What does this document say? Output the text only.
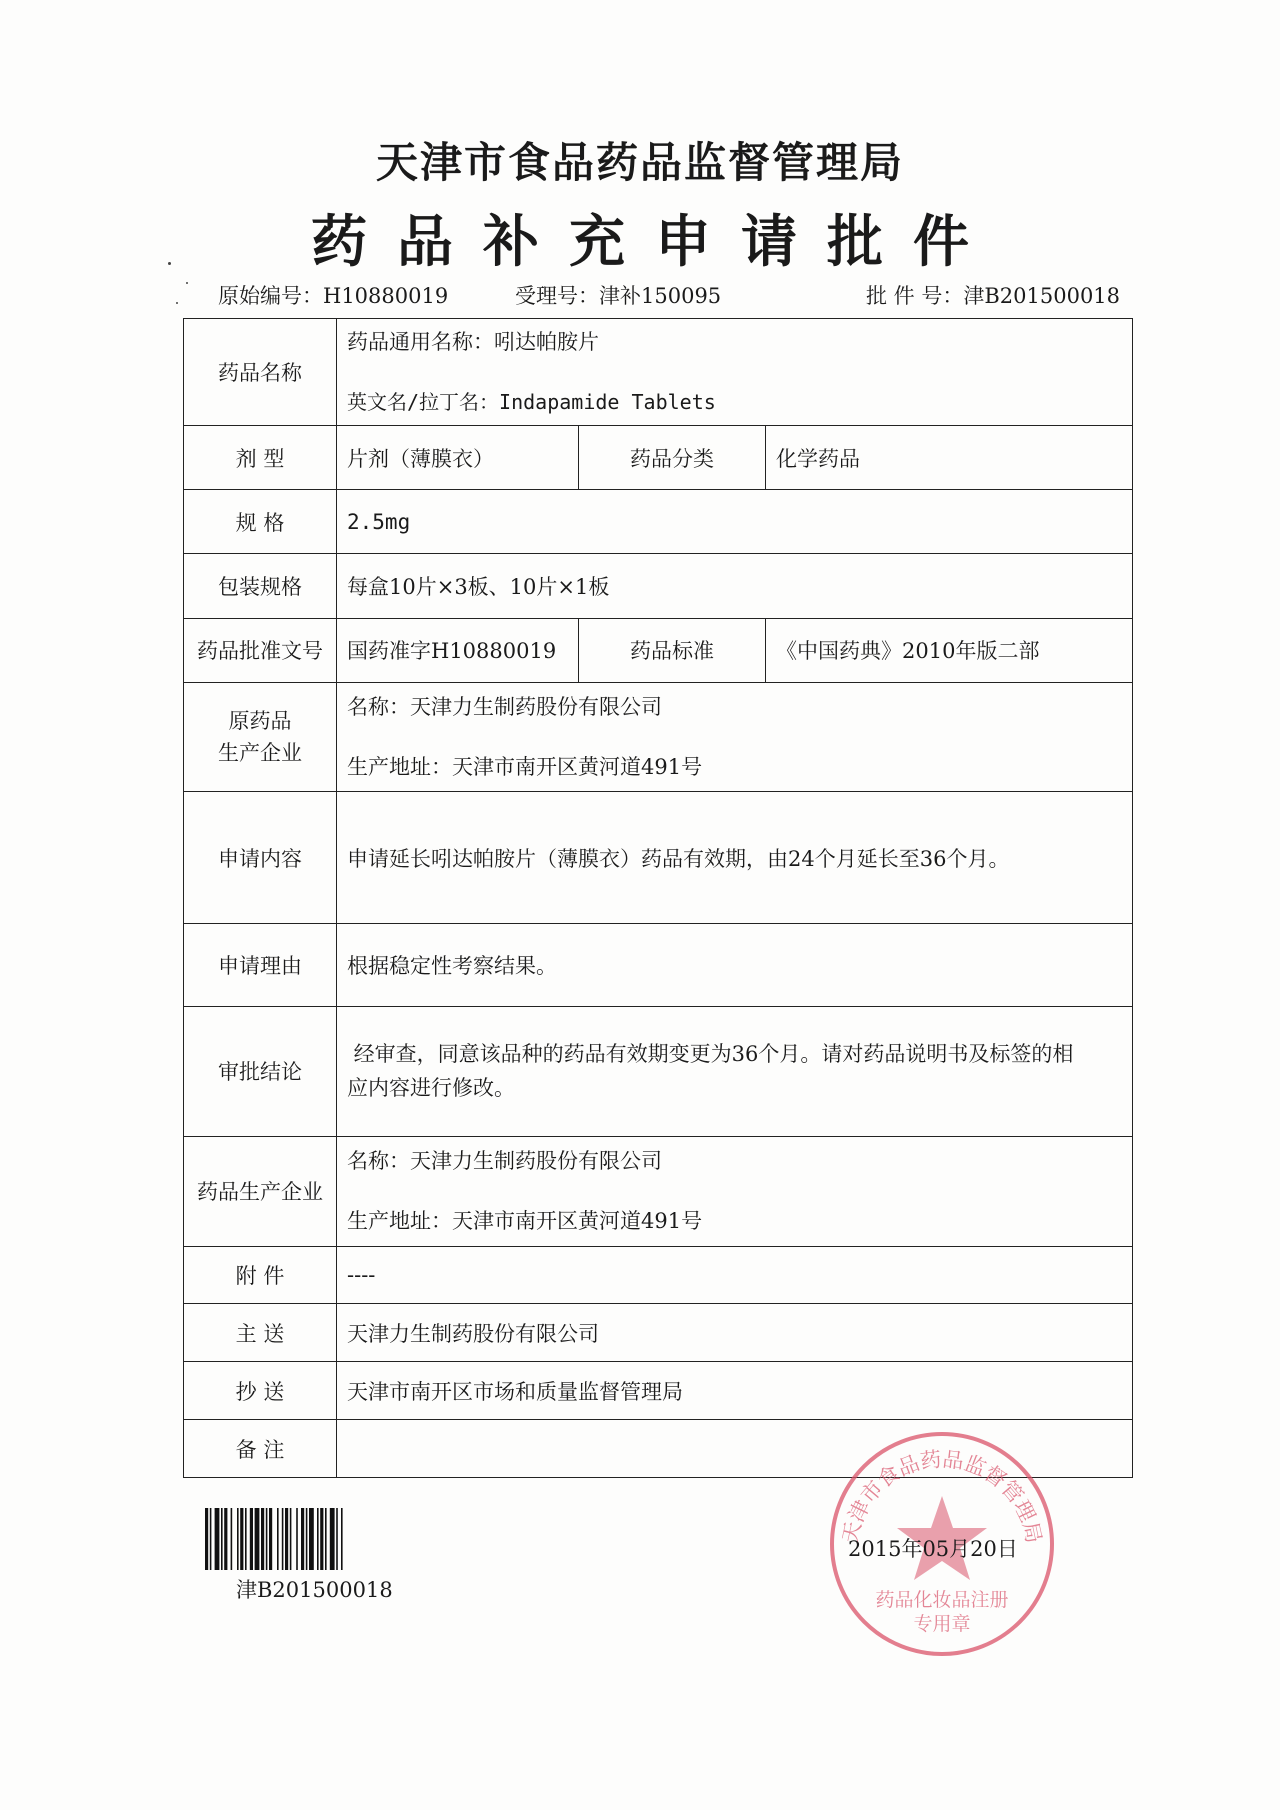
天津市食品药品监督管理局
药品补充申请批件
原始编号：H10880019	受理号：津补150095	批 件 号：津B201500018
药品名称	药品通用名称：吲达帕胺片
英文名/拉丁名：Indapamide Tablets		

剂 型	片剂（薄膜衣）	药品分类	化学药品
规 格	2.5mg		
包装规格	每盒10片×3板、10片×1板		
药品批准文号	国药准字H10880019	药品标准	《中国药典》2010年版二部

原药品
生产企业	名称：天津力生制药股份有限公司
生产地址：天津市南开区黄河道491号		

申请内容	申请延长吲达帕胺片（薄膜衣）药品有效期，由24个月延长至36个月。		
申请理由	根据稳定性考察结果。		
审批结论	经审查，同意该品种的药品有效期变更为36个月。请对药品说明书及标签的相
应内容进行修改。		

药品生产企业	名称：天津力生制药股份有限公司
生产地址：天津市南开区黄河道491号		

附 件	----		
主 送	天津力生制药股份有限公司		
抄 送	天津市南开区市场和质量监督管理局		
备 注			
津B201500018
天津市食品药品监督管理局
药品化妆品注册
专用章
2015年05月20日
